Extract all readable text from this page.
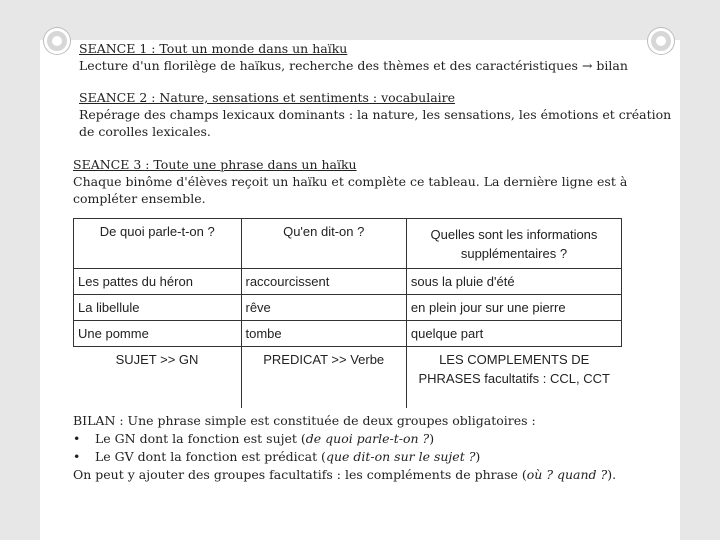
SEANCE 1 : Tout un monde dans un haïku
Lecture d'un florilège de haïkus, recherche des thèmes et des caractéristiques → bilan
SEANCE 2 : Nature, sensations et sentiments : vocabulaire
Repérage des champs lexicaux dominants : la nature, les sensations, les émotions et création
de corolles lexicales.
SEANCE 3 : Toute une phrase dans un haïku
Chaque binôme d'élèves reçoit un haïku et complète ce tableau. La dernière ligne est à
compléter ensemble.
De quoi parle-t-on ?	Qu'en dit-on ?	Quelles sont les informations supplémentaires ?
Les pattes du héron	raccourcissent	sous la pluie d'été
La libellule	rêve	en plein jour sur une pierre
Une pomme	tombe	quelque part
SUJET >> GN	PREDICAT >> Verbe	LES COMPLEMENTS DE PHRASES facultatifs : CCL, CCT
BILAN : Une phrase simple est constituée de deux groupes obligatoires :
• Le GN dont la fonction est sujet (de quoi parle-t-on ?)
• Le GV dont la fonction est prédicat (que dit-on sur le sujet ?)
On peut y ajouter des groupes facultatifs : les compléments de phrase (où ? quand ?).
